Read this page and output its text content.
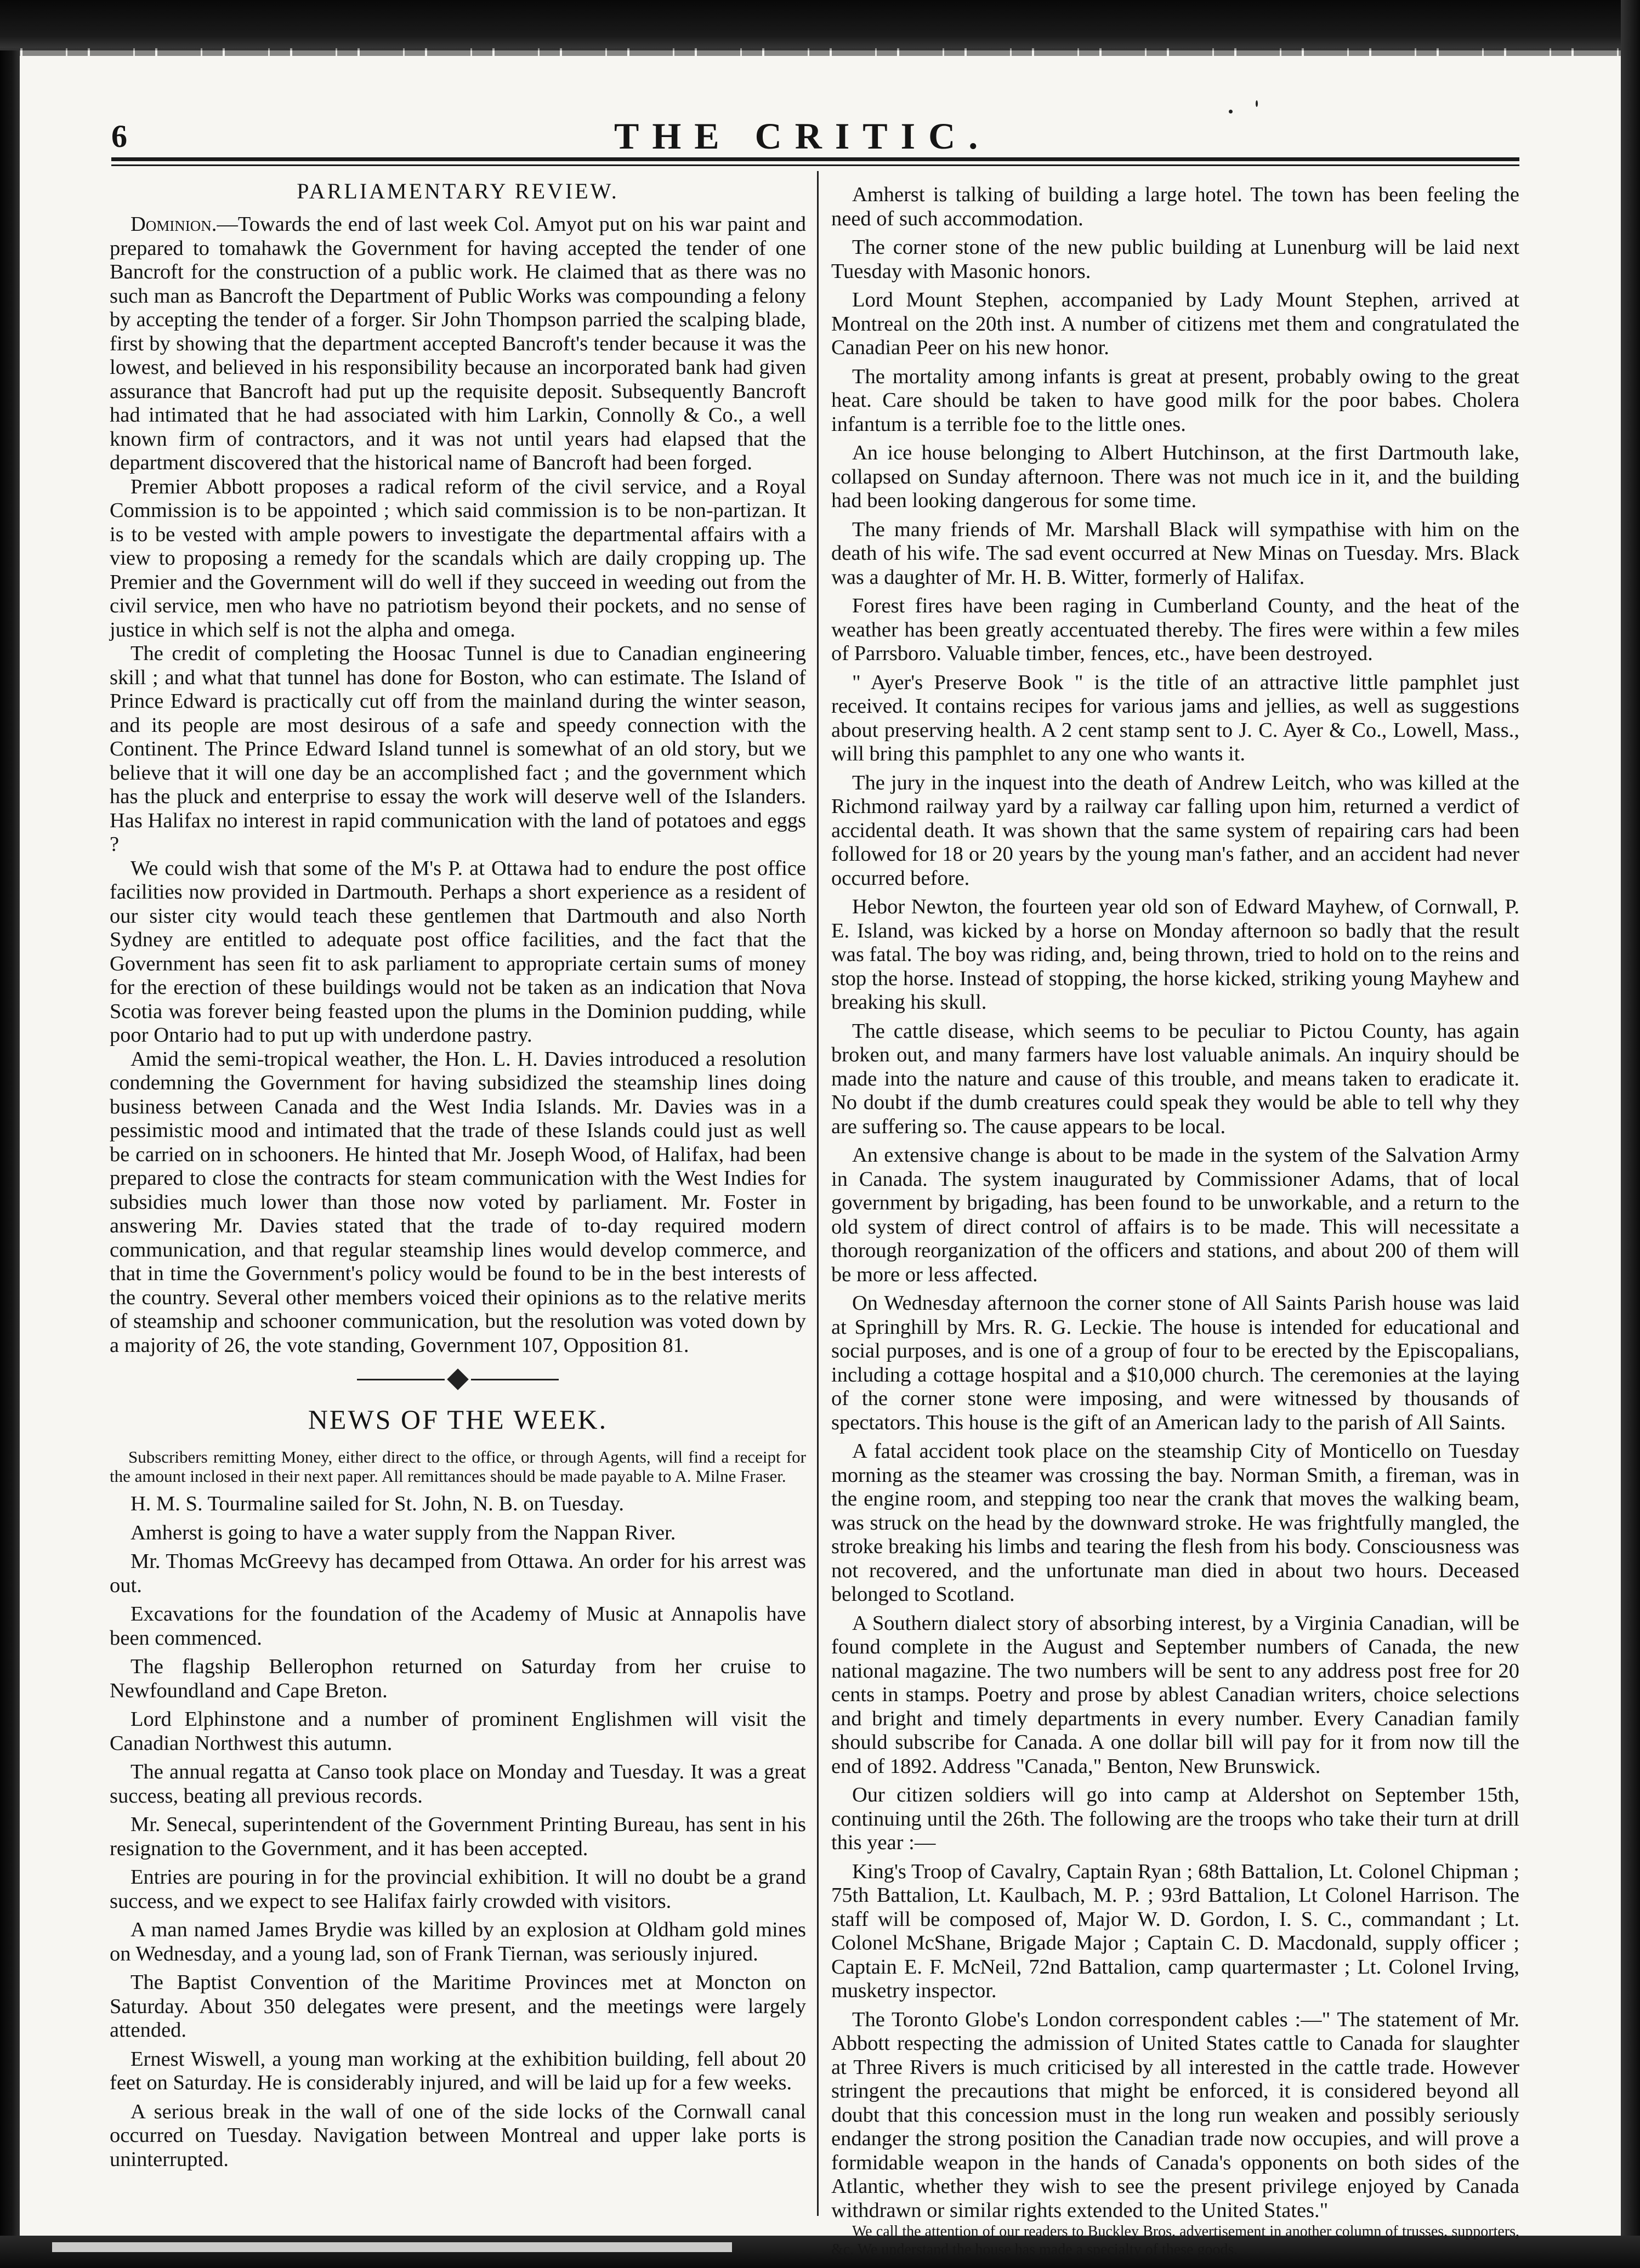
6	THE CRITIC.
PARLIAMENTARY REVIEW.

Dominion.—Towards the end of last week Col. Amyot put on his war paint and prepared to tomahawk the Government for having accepted the tender of one Bancroft for the construction of a public work. He claimed that as there was no such man as Bancroft the Department of Public Works was compounding a felony by accepting the tender of a forger. Sir John Thompson parried the scalping blade, first by showing that the department accepted Bancroft's tender because it was the lowest, and believed in his responsibility because an incorporated bank had given assurance that Bancroft had put up the requisite deposit. Subsequently Bancroft had intimated that he had associated with him Larkin, Connolly & Co., a well known firm of contractors, and it was not until years had elapsed that the department discovered that the historical name of Bancroft had been forged.

Premier Abbott proposes a radical reform of the civil service, and a Royal Commission is to be appointed ; which said commission is to be non-partizan. It is to be vested with ample powers to investigate the departmental affairs with a view to proposing a remedy for the scandals which are daily cropping up. The Premier and the Government will do well if they succeed in weeding out from the civil service, men who have no patriotism beyond their pockets, and no sense of justice in which self is not the alpha and omega.

The credit of completing the Hoosac Tunnel is due to Canadian engineering skill ; and what that tunnel has done for Boston, who can estimate. The Island of Prince Edward is practically cut off from the mainland during the winter season, and its people are most desirous of a safe and speedy connection with the Continent. The Prince Edward Island tunnel is somewhat of an old story, but we believe that it will one day be an accomplished fact ; and the government which has the pluck and enterprise to essay the work will deserve well of the Islanders. Has Halifax no interest in rapid communication with the land of potatoes and eggs ?

We could wish that some of the M's P. at Ottawa had to endure the post office facilities now provided in Dartmouth. Perhaps a short experience as a resident of our sister city would teach these gentlemen that Dartmouth and also North Sydney are entitled to adequate post office facilities, and the fact that the Government has seen fit to ask parliament to appropriate certain sums of money for the erection of these buildings would not be taken as an indication that Nova Scotia was forever being feasted upon the plums in the Dominion pudding, while poor Ontario had to put up with underdone pastry.

Amid the semi-tropical weather, the Hon. L. H. Davies introduced a resolution condemning the Government for having subsidized the steamship lines doing business between Canada and the West India Islands. Mr. Davies was in a pessimistic mood and intimated that the trade of these Islands could just as well be carried on in schooners. He hinted that Mr. Joseph Wood, of Halifax, had been prepared to close the contracts for steam communication with the West Indies for subsidies much lower than those now voted by parliament. Mr. Foster in answering Mr. Davies stated that the trade of to-day required modern communication, and that regular steamship lines would develop commerce, and that in time the Government's policy would be found to be in the best interests of the country. Several other members voiced their opinions as to the relative merits of steamship and schooner communication, but the resolution was voted down by a majority of 26, the vote standing, Government 107, Opposition 81.

NEWS OF THE WEEK.

Subscribers remitting Money, either direct to the office, or through Agents, will find a receipt for the amount inclosed in their next paper. All remittances should be made payable to A. Milne Fraser.

H. M. S. Tourmaline sailed for St. John, N. B. on Tuesday.

Amherst is going to have a water supply from the Nappan River.

Mr. Thomas McGreevy has decamped from Ottawa. An order for his arrest was out.

Excavations for the foundation of the Academy of Music at Annapolis have been commenced.

The flagship Bellerophon returned on Saturday from her cruise to Newfoundland and Cape Breton.

Lord Elphinstone and a number of prominent Englishmen will visit the Canadian Northwest this autumn.

The annual regatta at Canso took place on Monday and Tuesday. It was a great success, beating all previous records.

Mr. Senecal, superintendent of the Government Printing Bureau, has sent in his resignation to the Government, and it has been accepted.

Entries are pouring in for the provincial exhibition. It will no doubt be a grand success, and we expect to see Halifax fairly crowded with visitors.

A man named James Brydie was killed by an explosion at Oldham gold mines on Wednesday, and a young lad, son of Frank Tiernan, was seriously injured.

The Baptist Convention of the Maritime Provinces met at Moncton on Saturday. About 350 delegates were present, and the meetings were largely attended.

Ernest Wiswell, a young man working at the exhibition building, fell about 20 feet on Saturday. He is considerably injured, and will be laid up for a few weeks.

A serious break in the wall of one of the side locks of the Cornwall canal occurred on Tuesday. Navigation between Montreal and upper lake ports is uninterrupted.

Amherst is talking of building a large hotel. The town has been feeling the need of such accommodation.

The corner stone of the new public building at Lunenburg will be laid next Tuesday with Masonic honors.

Lord Mount Stephen, accompanied by Lady Mount Stephen, arrived at Montreal on the 20th inst. A number of citizens met them and congratulated the Canadian Peer on his new honor.

The mortality among infants is great at present, probably owing to the great heat. Care should be taken to have good milk for the poor babes. Cholera infantum is a terrible foe to the little ones.

An ice house belonging to Albert Hutchinson, at the first Dartmouth lake, collapsed on Sunday afternoon. There was not much ice in it, and the building had been looking dangerous for some time.

The many friends of Mr. Marshall Black will sympathise with him on the death of his wife. The sad event occurred at New Minas on Tuesday. Mrs. Black was a daughter of Mr. H. B. Witter, formerly of Halifax.

Forest fires have been raging in Cumberland County, and the heat of the weather has been greatly accentuated thereby. The fires were within a few miles of Parrsboro. Valuable timber, fences, etc., have been destroyed.

" Ayer's Preserve Book " is the title of an attractive little pamphlet just received. It contains recipes for various jams and jellies, as well as suggestions about preserving health. A 2 cent stamp sent to J. C. Ayer & Co., Lowell, Mass., will bring this pamphlet to any one who wants it.

The jury in the inquest into the death of Andrew Leitch, who was killed at the Richmond railway yard by a railway car falling upon him, returned a verdict of accidental death. It was shown that the same system of repairing cars had been followed for 18 or 20 years by the young man's father, and an accident had never occurred before.

Hebor Newton, the fourteen year old son of Edward Mayhew, of Cornwall, P. E. Island, was kicked by a horse on Monday afternoon so badly that the result was fatal. The boy was riding, and, being thrown, tried to hold on to the reins and stop the horse. Instead of stopping, the horse kicked, striking young Mayhew and breaking his skull.

The cattle disease, which seems to be peculiar to Pictou County, has again broken out, and many farmers have lost valuable animals. An inquiry should be made into the nature and cause of this trouble, and means taken to eradicate it. No doubt if the dumb creatures could speak they would be able to tell why they are suffering so. The cause appears to be local.

An extensive change is about to be made in the system of the Salvation Army in Canada. The system inaugurated by Commissioner Adams, that of local government by brigading, has been found to be unworkable, and a return to the old system of direct control of affairs is to be made. This will necessitate a thorough reorganization of the officers and stations, and about 200 of them will be more or less affected.

On Wednesday afternoon the corner stone of All Saints Parish house was laid at Springhill by Mrs. R. G. Leckie. The house is intended for educational and social purposes, and is one of a group of four to be erected by the Episcopalians, including a cottage hospital and a $10,000 church. The ceremonies at the laying of the corner stone were imposing, and were witnessed by thousands of spectators. This house is the gift of an American lady to the parish of All Saints.

A fatal accident took place on the steamship City of Monticello on Tuesday morning as the steamer was crossing the bay. Norman Smith, a fireman, was in the engine room, and stepping too near the crank that moves the walking beam, was struck on the head by the downward stroke. He was frightfully mangled, the stroke breaking his limbs and tearing the flesh from his body. Consciousness was not recovered, and the unfortunate man died in about two hours. Deceased belonged to Scotland.

A Southern dialect story of absorbing interest, by a Virginia Canadian, will be found complete in the August and September numbers of Canada, the new national magazine. The two numbers will be sent to any address post free for 20 cents in stamps. Poetry and prose by ablest Canadian writers, choice selections and bright and timely departments in every number. Every Canadian family should subscribe for Canada. A one dollar bill will pay for it from now till the end of 1892. Address "Canada," Benton, New Brunswick.

Our citizen soldiers will go into camp at Aldershot on September 15th, continuing until the 26th. The following are the troops who take their turn at drill this year :—

King's Troop of Cavalry, Captain Ryan ; 68th Battalion, Lt. Colonel Chipman ; 75th Battalion, Lt. Kaulbach, M. P. ; 93rd Battalion, Lt Colonel Harrison. The staff will be composed of, Major W. D. Gordon, I. S. C., commandant ; Lt. Colonel McShane, Brigade Major ; Captain C. D. Macdonald, supply officer ; Captain E. F. McNeil, 72nd Battalion, camp quartermaster ; Lt. Colonel Irving, musketry inspector.

The Toronto Globe's London correspondent cables :—" The statement of Mr. Abbott respecting the admission of United States cattle to Canada for slaughter at Three Rivers is much criticised by all interested in the cattle trade. However stringent the precautions that might be enforced, it is considered beyond all doubt that this concession must in the long run weaken and possibly seriously endanger the strong position the Canadian trade now occupies, and will prove a formidable weapon in the hands of Canada's opponents on both sides of the Atlantic, whether they wish to see the present privilege enjoyed by Canada withdrawn or similar rights extended to the United States."

We call the attention of our readers to Buckley Bros. advertisement in another column of trusses, supporters, &c. We understand the house has made a specialty of these goods.
